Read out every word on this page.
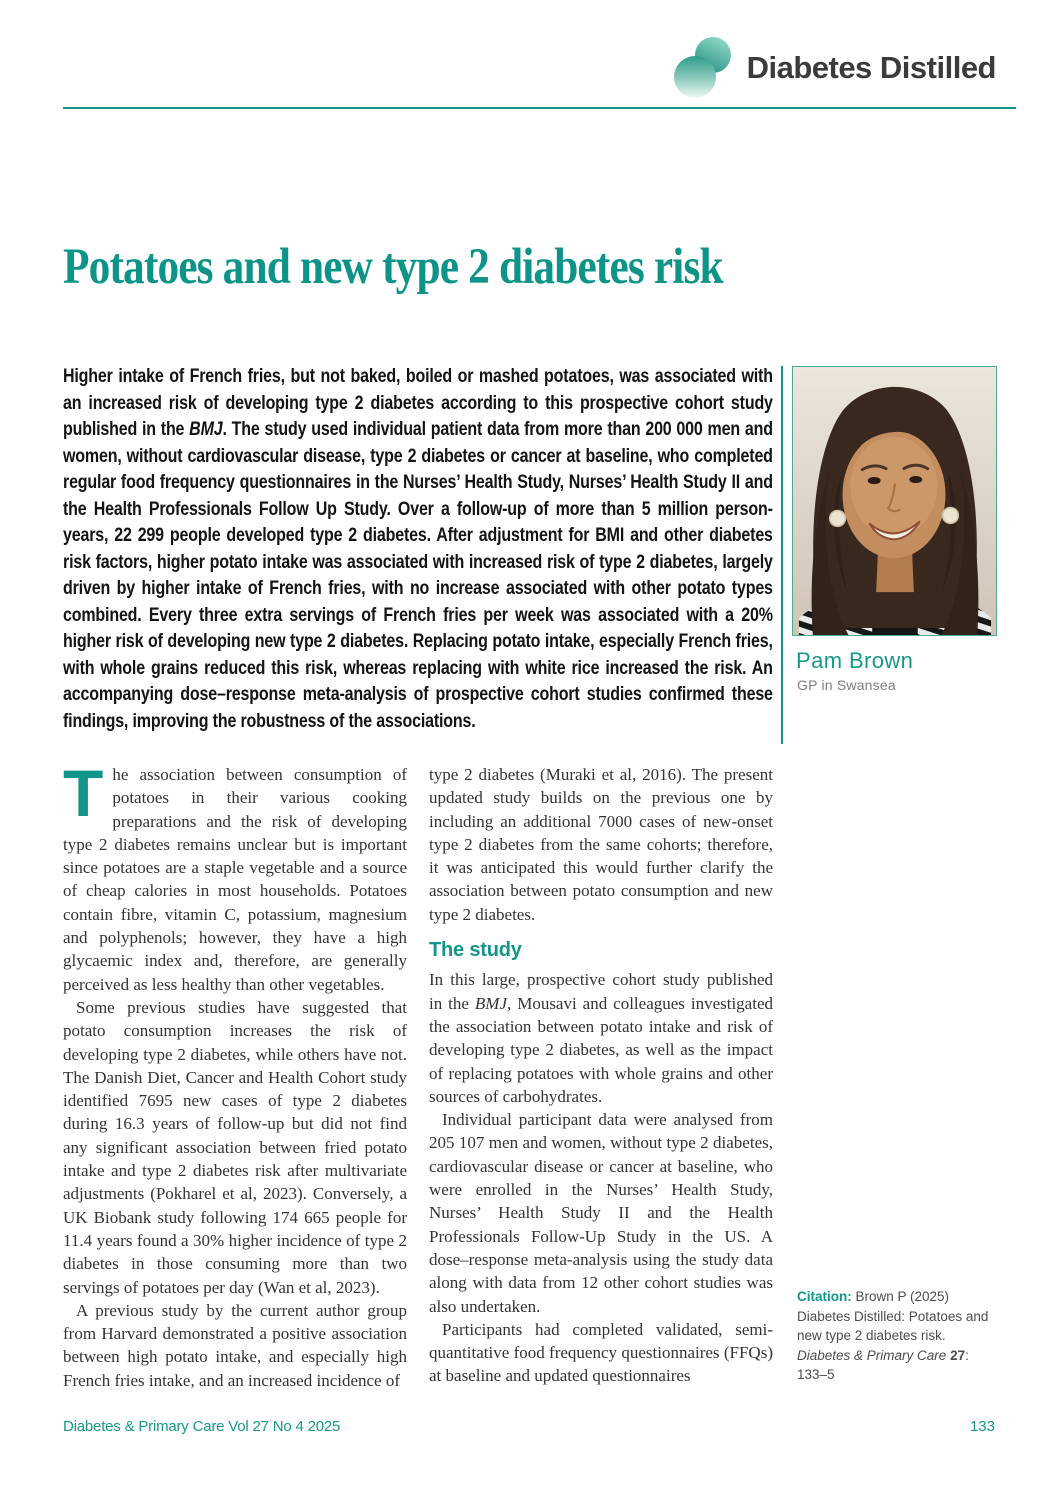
Diabetes Distilled
Potatoes and new type 2 diabetes risk
Higher intake of French fries, but not baked, boiled or mashed potatoes, was associated with an increased risk of developing type 2 diabetes according to this prospective cohort study published in the BMJ. The study used individual patient data from more than 200 000 men and women, without cardiovascular disease, type 2 diabetes or cancer at baseline, who completed regular food frequency questionnaires in the Nurses’ Health Study, Nurses’ Health Study II and the Health Professionals Follow Up Study. Over a follow-up of more than 5 million person-years, 22 299 people developed type 2 diabetes. After adjustment for BMI and other diabetes risk factors, higher potato intake was associated with increased risk of type 2 diabetes, largely driven by higher intake of French fries, with no increase associated with other potato types combined. Every three extra servings of French fries per week was associated with a 20% higher risk of developing new type 2 diabetes. Replacing potato intake, especially French fries, with whole grains reduced this risk, whereas replacing with white rice increased the risk. An accompanying dose–response meta-analysis of prospective cohort studies confirmed these findings, improving the robustness of the associations.
Pam Brown
GP in Swansea

The association between consumption of potatoes in their various cooking preparations and the risk of developing type 2 diabetes remains unclear but is important since potatoes are a staple vegetable and a source of cheap calories in most households. Potatoes contain fibre, vitamin C, potassium, magnesium and polyphenols; however, they have a high glycaemic index and, therefore, are generally perceived as less healthy than other vegetables.

Some previous studies have suggested that potato consumption increases the risk of developing type 2 diabetes, while others have not. The Danish Diet, Cancer and Health Cohort study identified 7695 new cases of type 2 diabetes during 16.3 years of follow-up but did not find any significant association between fried potato intake and type 2 diabetes risk after multivariate adjustments (Pokharel et al, 2023). Conversely, a UK Biobank study following 174 665 people for 11.4 years found a 30% higher incidence of type 2 diabetes in those consuming more than two servings of potatoes per day (Wan et al, 2023).

A previous study by the current author group from Harvard demonstrated a positive association between high potato intake, and especially high French fries intake, and an increased incidence of

type 2 diabetes (Muraki et al, 2016). The present updated study builds on the previous one by including an additional 7000 cases of new-onset type 2 diabetes from the same cohorts; therefore, it was anticipated this would further clarify the association between potato consumption and new type 2 diabetes.

The study

In this large, prospective cohort study published in the BMJ, Mousavi and colleagues investigated the association between potato intake and risk of developing type 2 diabetes, as well as the impact of replacing potatoes with whole grains and other sources of carbohydrates.

Individual participant data were analysed from 205 107 men and women, without type 2 diabetes, cardiovascular disease or cancer at baseline, who were enrolled in the Nurses’ Health Study, Nurses’ Health Study II and the Health Professionals Follow-Up Study in the US. A dose–response meta-analysis using the study data along with data from 12 other cohort studies was also undertaken.

Participants had completed validated, semi-quantitative food frequency questionnaires (FFQs) at baseline and updated questionnaires

Citation: Brown P (2025) Diabetes Distilled: Potatoes and new type 2 diabetes risk. Diabetes & Primary Care 27: 133–5
Diabetes & Primary Care Vol 27 No 4 2025	133
